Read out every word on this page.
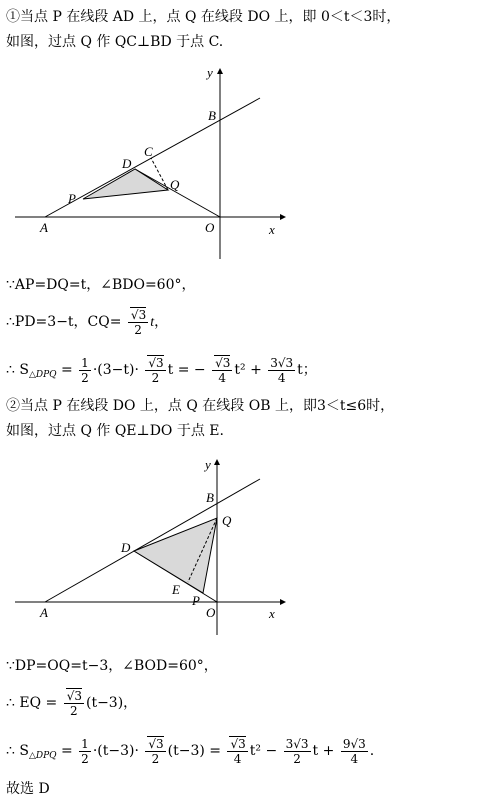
①当点 P 在线段 AD 上，点 Q 在线段 DO 上，即 0＜t＜3时，
如图，过点 Q 作 QC⊥BD 于点 C.
y
x
B
C
D
Q
P
A	O
∵AP=DQ=t，∠BDO=60°，
∴PD=3−t，$CQ= \frac{√3}{2}$ t，
∴ $S_{\triangle DPQ} = \frac{1}{2} \cdot(3-t)\cdot \frac{√3}{2}$ t = − $\frac{√3}{4} t^2 + \frac{3√3}{4}$ t；
②当点 P 在线段 DO 上，点 Q 在线段 OB 上，即3＜t≤6时，
如图，过点 Q 作 QE⊥DO 于点 E.
y
x
B
Q
D
E
P
A	O
∵DP=OQ=t−3，∠BOD=60°，
∴ EQ = $\frac{√3}{2} (t-3)$，
∴ $S_{\triangle DPQ} = \frac{1}{2} \cdot(t-3)\cdot \frac{√3}{2} (t-3) = \frac{√3}{4} t^2 - \frac{3√3}{2}$ $t + \frac{9√3}{4}$ .
故选 D
